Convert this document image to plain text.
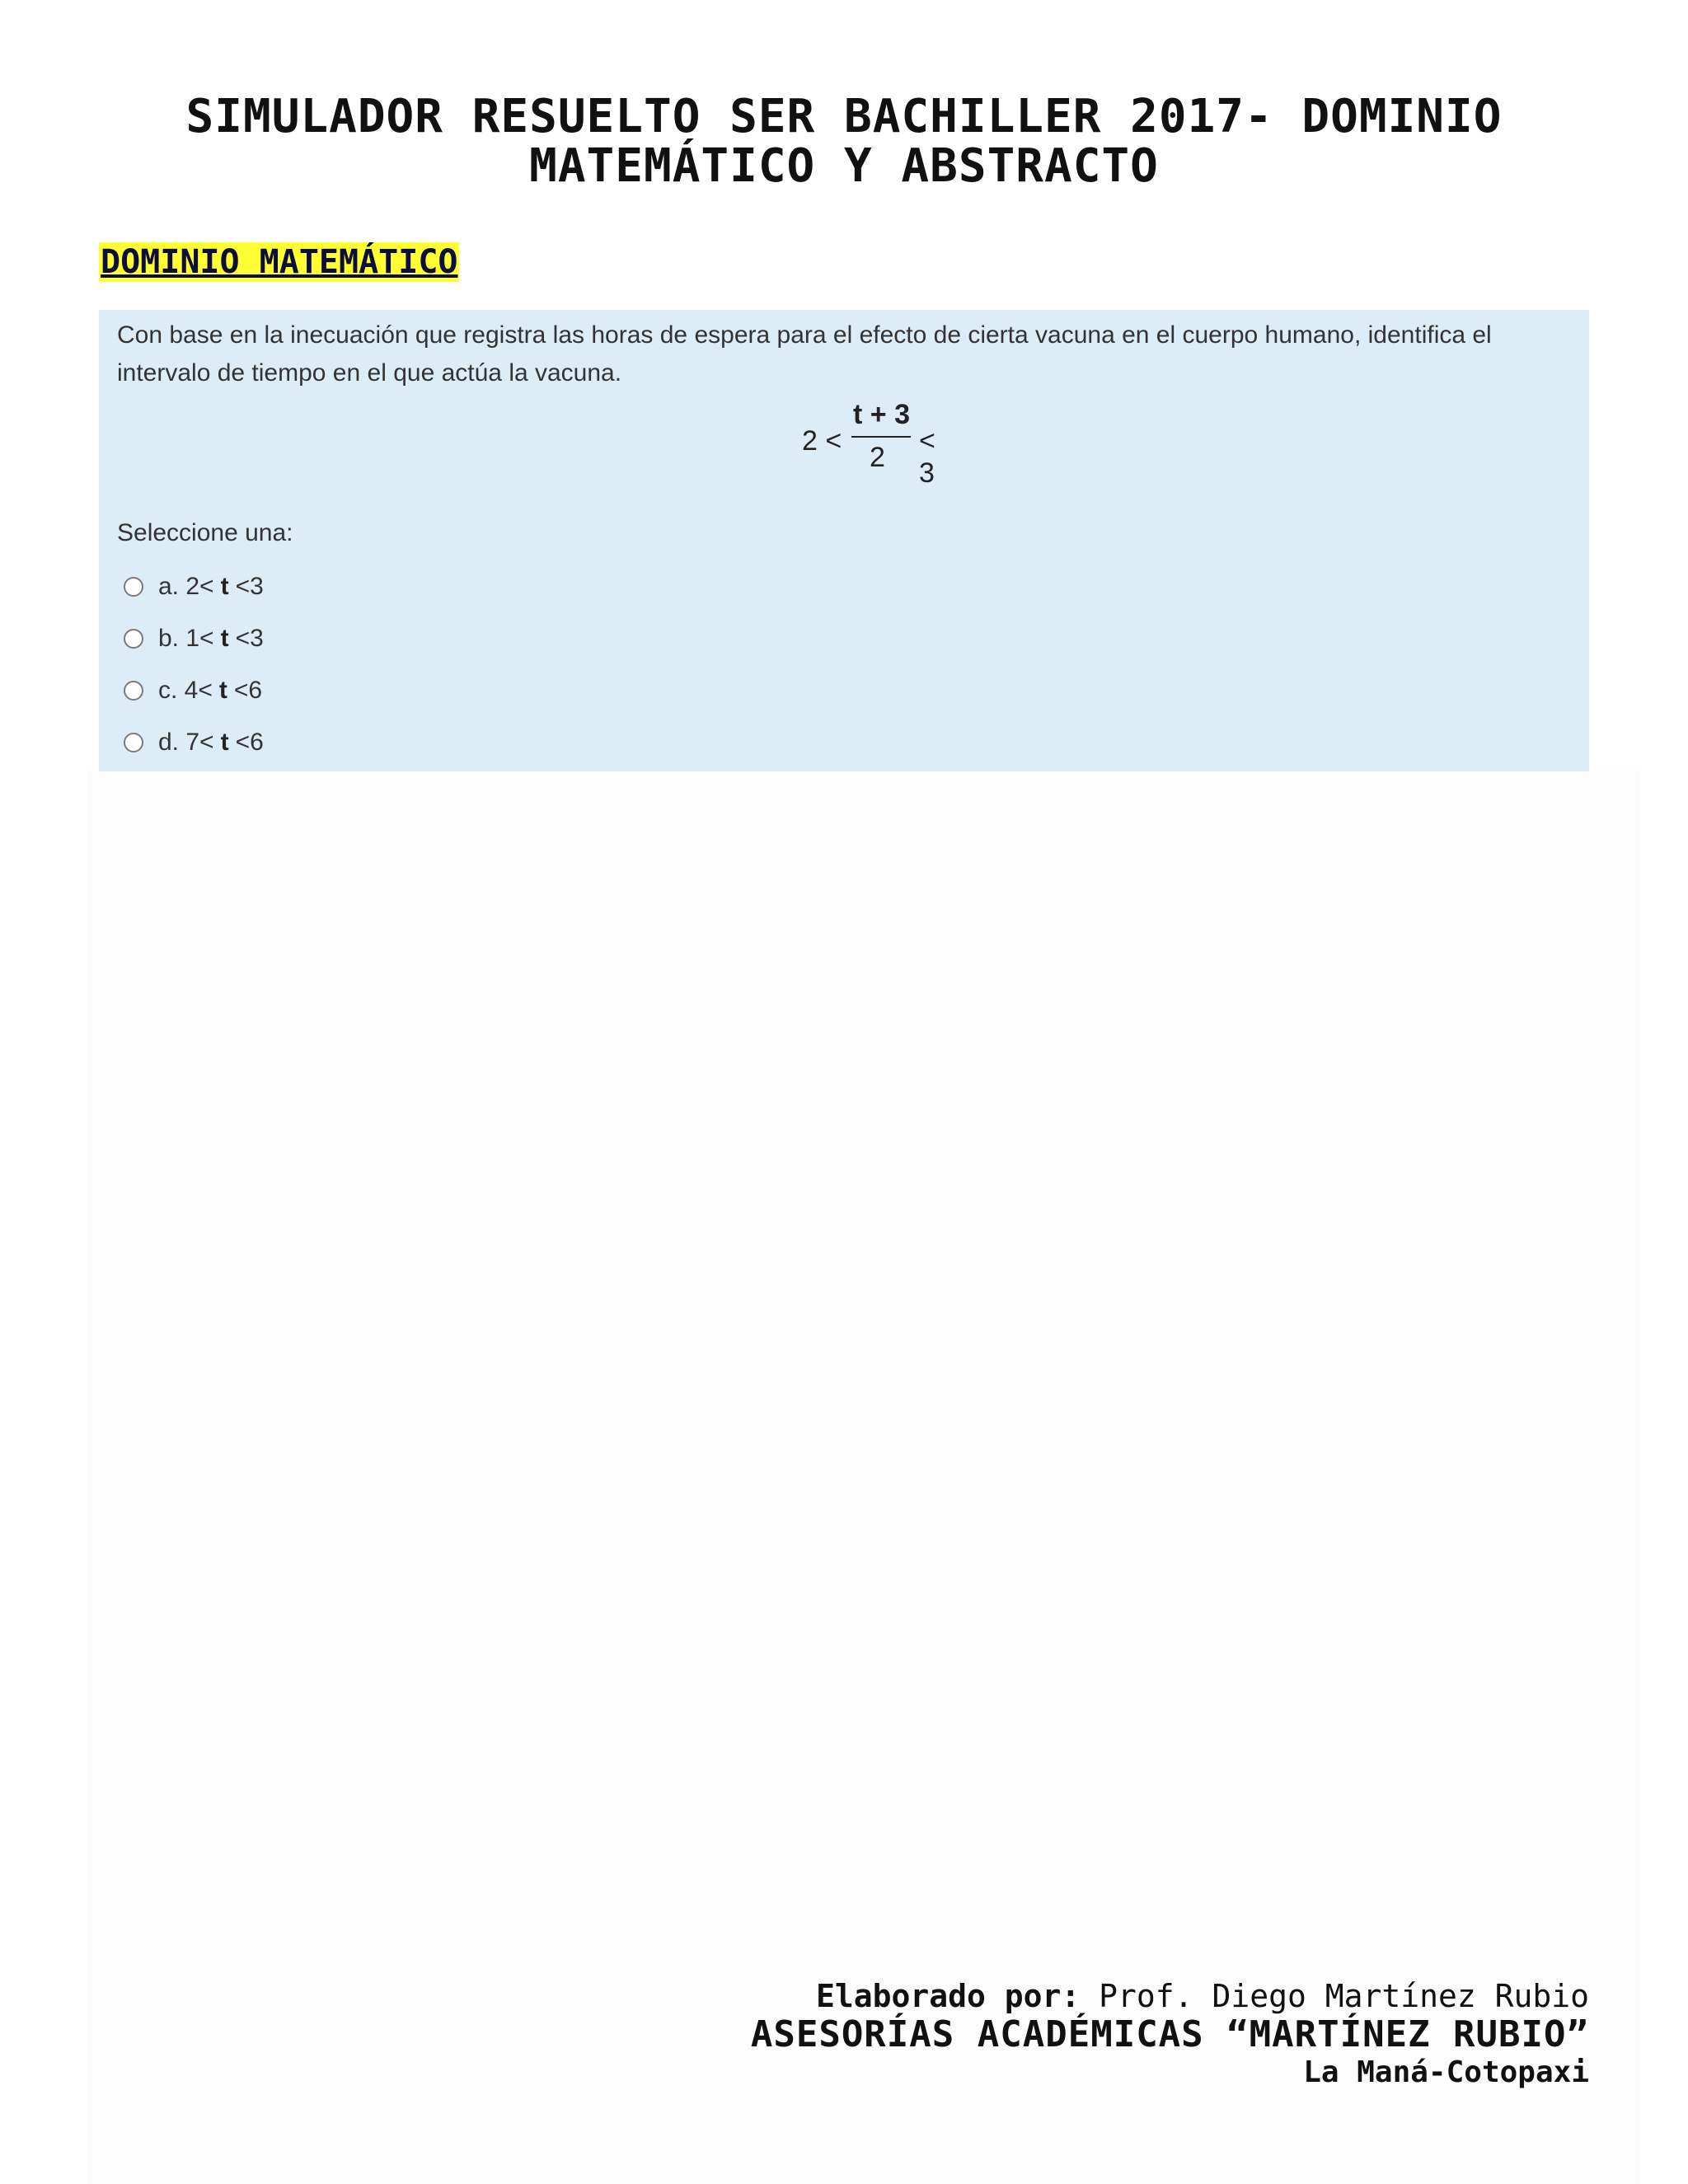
SIMULADOR RESUELTO SER BACHILLER 2017- DOMINIO MATEMÁTICO Y ABSTRACTO
DOMINIO MATEMÁTICO
Con base en la inecuación que registra las horas de espera para el efecto de cierta vacuna en el cuerpo humano, identifica el intervalo de tiempo en el que actúa la vacuna.
2 <
t + 3
2
< 3
Seleccione una:
a. 2< t <3
b. 1< t <3
c. 4< t <6
d. 7< t <6
Elaborado por: Prof. Diego Martínez Rubio
ASESORÍAS ACADÉMICAS “MARTÍNEZ RUBIO”
La Maná-Cotopaxi
